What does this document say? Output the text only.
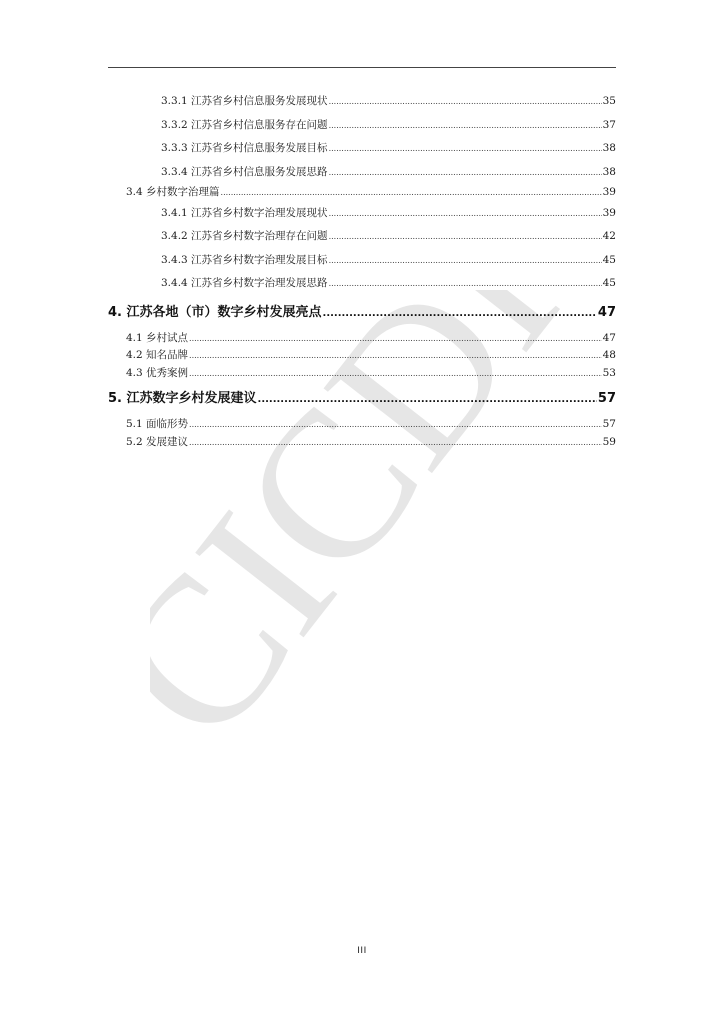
CICDI
3.3.1 江苏省乡村信息服务发展现状 .....	35
3.3.2 江苏省乡村信息服务存在问题 .....	37
3.3.3 江苏省乡村信息服务发展目标 .....	38
3.3.4 江苏省乡村信息服务发展思路 .....	38
3.4 乡村数字治理篇 .....	39
3.4.1 江苏省乡村数字治理发展现状 .....	39
3.4.2 江苏省乡村数字治理存在问题 .....	42
3.4.3 江苏省乡村数字治理发展目标 .....	45
3.4.4 江苏省乡村数字治理发展思路 .....	45
4. 江苏各地（市）数字乡村发展亮点 .....	47
4.1 乡村试点 .....	47
4.2 知名品牌 .....	48
4.3 优秀案例 .....	53
5. 江苏数字乡村发展建议 .....	57
5.1 面临形势 .....	57
5.2 发展建议 .....	59
III
